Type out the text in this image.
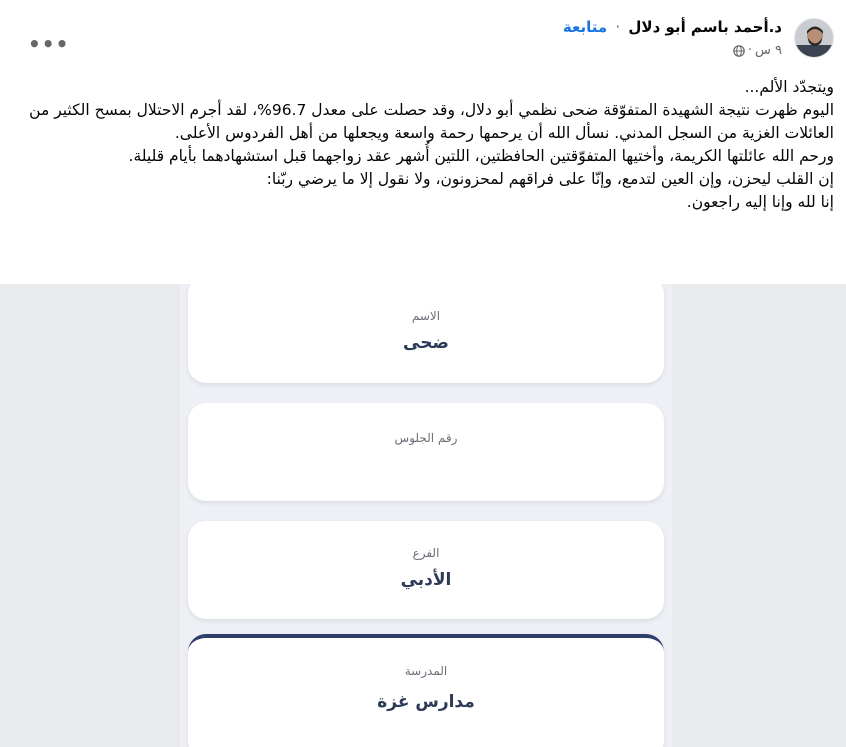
د.أحمد باسم أبو دلال · متابعة
٩ س
·
•••

ويتجدّد الألم...

اليوم ظهرت نتيجة الشهيدة المتفوّقة ضحى نظمي أبو دلال، وقد حصلت على معدل 96.7%، لقد أجرم الاحتلال بمسح الكثير من العائلات الغزية من السجل المدني. نسأل الله أن يرحمها رحمة واسعة ويجعلها من أهل الفردوس الأعلى.

ورحم الله عائلتها الكريمة، وأختيها المتفوّقتين الحافظتين، اللتين أُشهر عقد زواجهما قبل استشهادهما بأيام قليلة.

إن القلب ليحزن، وإن العين لتدمع، وإنّا على فراقهم لمحزونون، ولا نقول إلا ما يرضي ربّنا:

إنا لله وإنا إليه راجعون.

الاسم
ضحى
رقم الجلوس
الفرع
الأدبي
المدرسة
مدارس غزة
